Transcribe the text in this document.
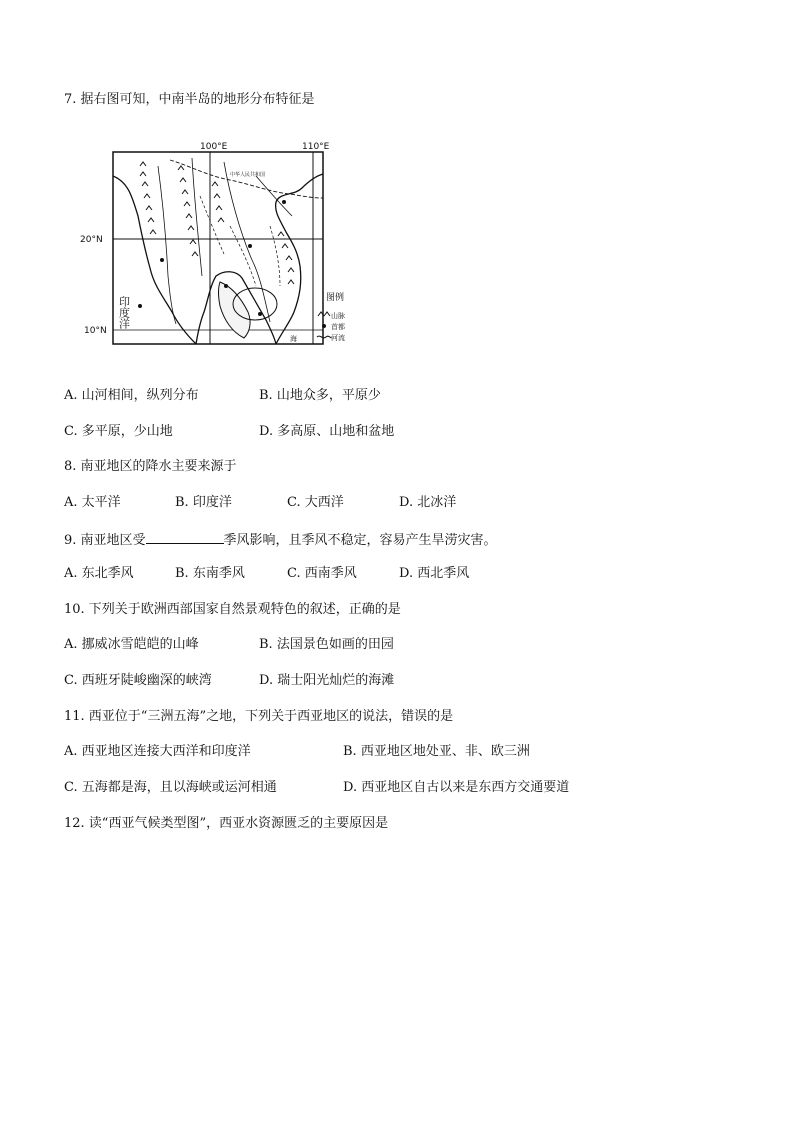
7. 据右图可知，中南半岛的地形分布特征是
100°E	110°E
20°N
10°N
中华人民共和国
海
印度洋	图例
山脉
首都
河流
A. 山河相间，纵列分布	B. 山地众多，平原少
C. 多平原，少山地	D. 多高原、山地和盆地
8. 南亚地区的降水主要来源于
A. 太平洋	B. 印度洋	C. 大西洋	D. 北冰洋
9. 南亚地区受	季风影响，且季风不稳定，容易产生旱涝灾害。
A. 东北季风	B. 东南季风	C. 西南季风	D. 西北季风
10. 下列关于欧洲西部国家自然景观特色的叙述，正确的是
A. 挪威冰雪皑皑的山峰	B. 法国景色如画的田园
C. 西班牙陡峻幽深的峡湾	D. 瑞士阳光灿烂的海滩
11. 西亚位于“三洲五海”之地，下列关于西亚地区的说法，错误的是
A. 西亚地区连接大西洋和印度洋	B. 西亚地区地处亚、非、欧三洲
C. 五海都是海，且以海峡或运河相通	D. 西亚地区自古以来是东西方交通要道
12. 读“西亚气候类型图”，西亚水资源匮乏的主要原因是
